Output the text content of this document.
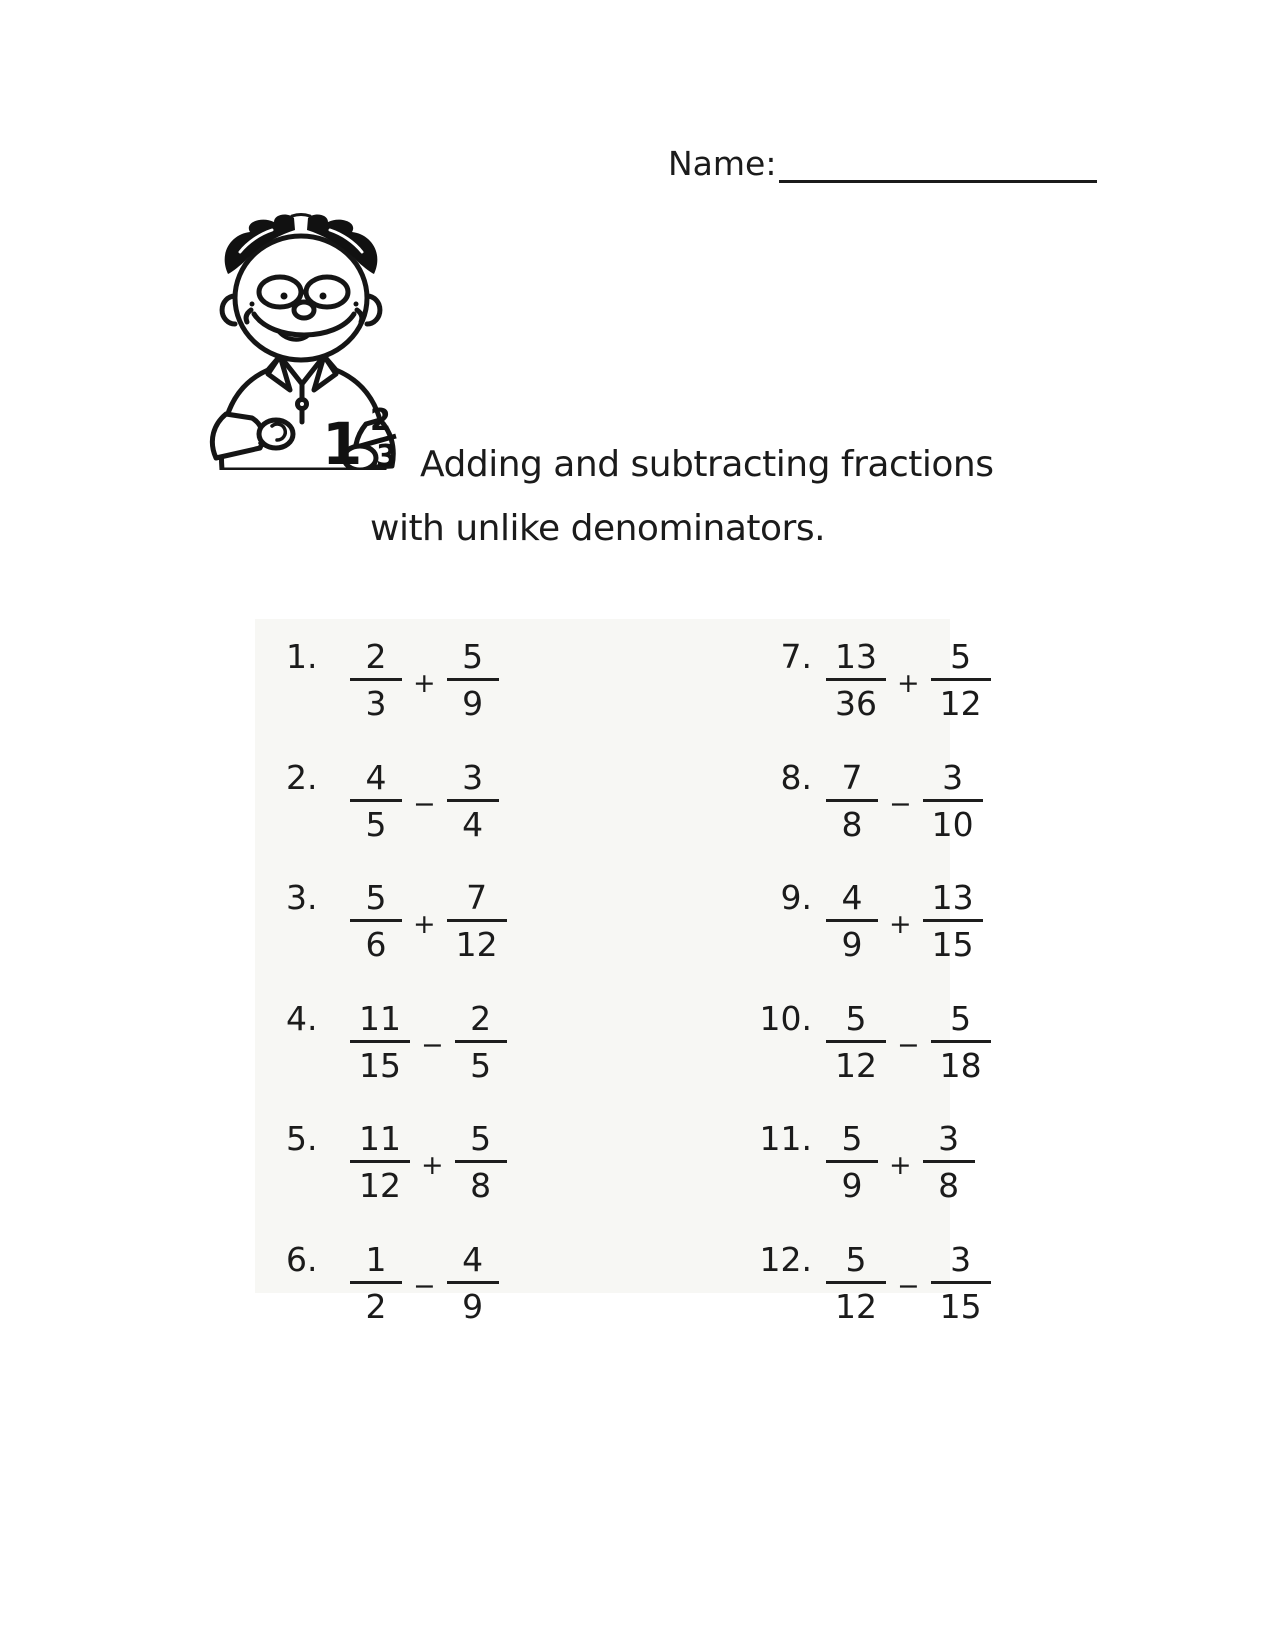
Name:
1 2
3 Adding and subtracting fractions
with unlike denominators.
1. $\frac{2}{3} + \frac{5}{9}$
2. $\frac{4}{5} - \frac{3}{4}$
3. $\frac{5}{6} + \frac{7}{12}$
4. $\frac{11}{15} - \frac{2}{5}$
5. $\frac{11}{12} + \frac{5}{8}$
6. $\frac{1}{2} - \frac{4}{9}$
7. $\frac{13}{36} + \frac{5}{12}$
8. $\frac{7}{8} - \frac{3}{10}$
9. $\frac{4}{9} + \frac{13}{15}$
10. $\frac{5}{12} - \frac{5}{18}$
11. $\frac{5}{9} + \frac{3}{8}$
12. $\frac{5}{12} - \frac{3}{15}$
